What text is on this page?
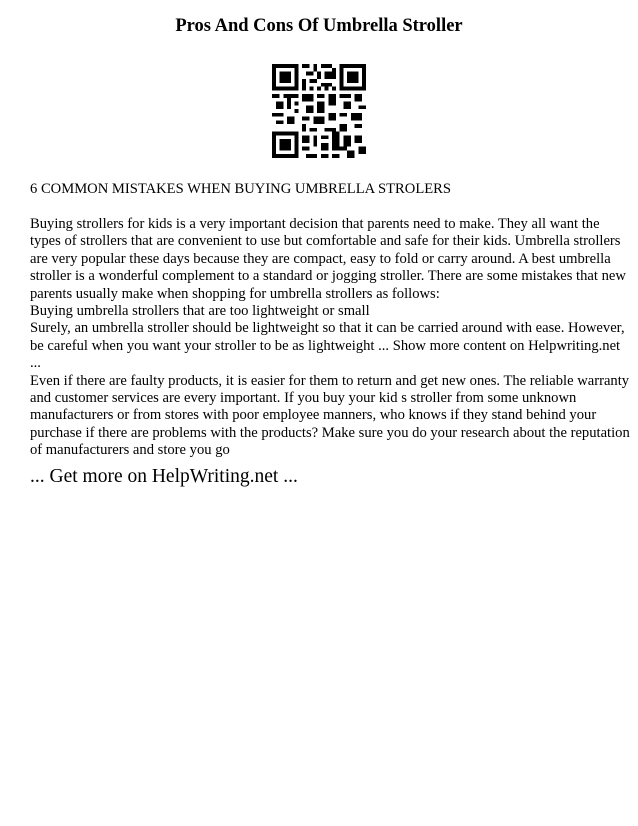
Pros And Cons Of Umbrella Stroller

6 COMMON MISTAKES WHEN BUYING UMBRELLA STROLERS

Buying strollers for kids is a very important decision that parents need to make. They all want the
types of strollers that are convenient to use but comfortable and safe for their kids. Umbrella strollers
are very popular these days because they are compact, easy to fold or carry around. A best umbrella
stroller is a wonderful complement to a standard or jogging stroller. There are some mistakes that new
parents usually make when shopping for umbrella strollers as follows:
Buying umbrella strollers that are too lightweight or small
Surely, an umbrella stroller should be lightweight so that it can be carried around with ease. However,
be careful when you want your stroller to be as lightweight ... Show more content on Helpwriting.net
...
Even if there are faulty products, it is easier for them to return and get new ones. The reliable warranty
and customer services are every important. If you buy your kid s stroller from some unknown
manufacturers or from stores with poor employee manners, who knows if they stand behind your
purchase if there are problems with the products? Make sure you do your research about the reputation
of manufacturers and store you go

... Get more on HelpWriting.net ...
